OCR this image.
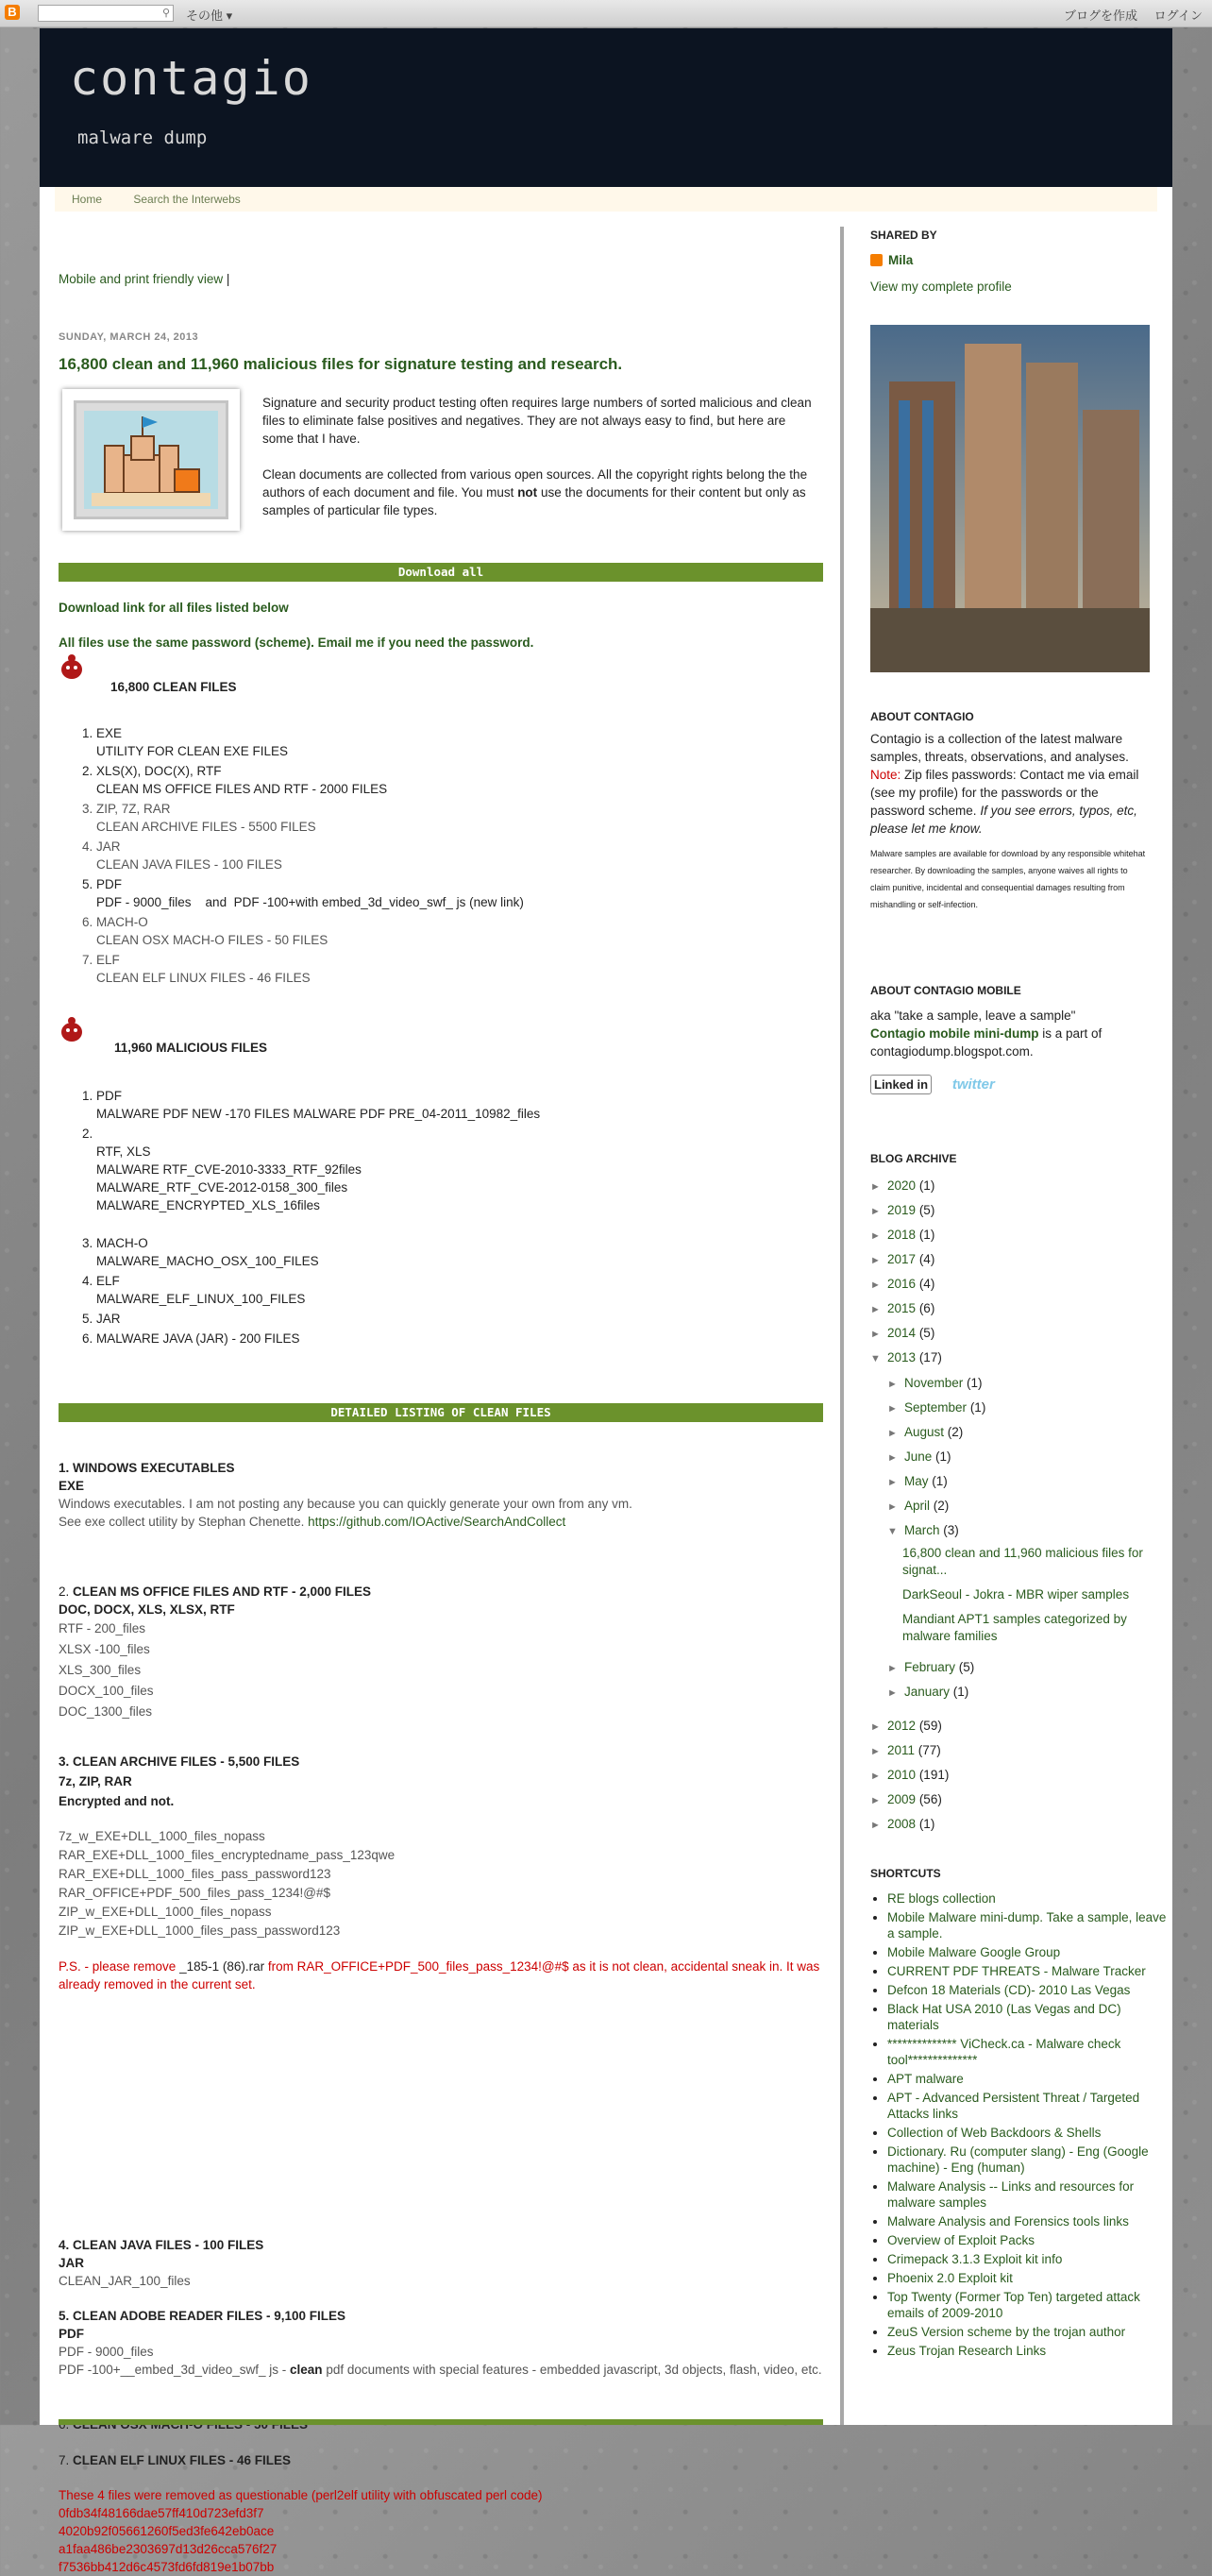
B	⚲ その他 ▾	ブログを作成 ログイン
contagio
malware dump
Home	Search the Interwebs
Mobile and print friendly view |
SUNDAY, MARCH 24, 2013
16,800 clean and 11,960 malicious files for signature testing and research.

Signature and security product testing often requires large numbers of sorted malicious and clean files to eliminate false positives and negatives. They are not always easy to find, but here are some that I have.

Clean documents are collected from various open sources. All the copyright rights belong the the authors of each document and file. You must not use the documents for their content but only as samples of particular file types.

Download all
Download link for all files listed below
All files use the same password (scheme). Email me if you need the password.
16,800 CLEAN FILES
1. EXE
UTILITY FOR CLEAN EXE FILES
2. XLS(X), DOC(X), RTF
CLEAN MS OFFICE FILES AND RTF - 2000 FILES
3. ZIP, 7Z, RAR
CLEAN ARCHIVE FILES - 5500 FILES
4. JAR
CLEAN JAVA FILES - 100 FILES
5. PDF
PDF - 9000_files    and  PDF -100+with embed_3d_video_swf_ js (new link)
6. MACH-O
CLEAN OSX MACH-O FILES - 50 FILES
7. ELF
CLEAN ELF LINUX FILES - 46 FILES
11,960 MALICIOUS FILES
1. PDF
MALWARE PDF NEW -170 FILES MALWARE PDF PRE_04-2011_10982_files

2. RTF, XLS
MALWARE RTF_CVE-2010-3333_RTF_92files
MALWARE_RTF_CVE-2012-0158_300_files
MALWARE_ENCRYPTED_XLS_16files

3. MACH-O
MALWARE_MACHO_OSX_100_FILES
4. ELF
MALWARE_ELF_LINUX_100_FILES
5. JAR
6. MALWARE JAVA (JAR) - 200 FILES
DETAILED LISTING OF CLEAN FILES
1. WINDOWS EXECUTABLES
EXE
Windows executables. I am not posting any because you can quickly generate your own from any vm.
See exe collect utility by Stephan Chenette. https://github.com/IOActive/SearchAndCollect
2. CLEAN MS OFFICE FILES AND RTF - 2,000 FILES
DOC, DOCX, XLS, XLSX, RTF
RTF - 200_files
XLSX -100_files
XLS_300_files
DOCX_100_files
DOC_1300_files
3. CLEAN ARCHIVE FILES - 5,500 FILES
7z, ZIP, RAR
Encrypted and not.
7z_w_EXE+DLL_1000_files_nopass
RAR_EXE+DLL_1000_files_encryptedname_pass_123qwe
RAR_EXE+DLL_1000_files_pass_password123
RAR_OFFICE+PDF_500_files_pass_1234!@#$
ZIP_w_EXE+DLL_1000_files_nopass
ZIP_w_EXE+DLL_1000_files_pass_password123
P.S. - please remove _185-1 (86).rar from RAR_OFFICE+PDF_500_files_pass_1234!@#$ as it is not clean, accidental sneak in. It was already removed in the current set.
4. CLEAN JAVA FILES - 100 FILES
JAR
CLEAN_JAR_100_files
5. CLEAN ADOBE READER FILES - 9,100 FILES
PDF
PDF - 9000_files
PDF -100+__embed_3d_video_swf_ js - clean pdf documents with special features - embedded javascript, 3d objects, flash, video, etc.
7. CLEAN ELF LINUX FILES - 46 FILES
These 4 files were removed as questionable (perl2elf utility with obfuscated perl code)
0fdb34f48166dae57ff410d723efd3f7
4020b92f05661260f5ed3fe642eb0ace
a1faa486be2303697d13d26cca576f27
f7536bb412d6c4573fd6fd819e1b07bb
SHARED BY
Mila
View my complete profile
ABOUT CONTAGIO
Contagio is a collection of the latest malware samples, threats, observations, and analyses.
Note: Zip files passwords: Contact me via email (see my profile) for the passwords or the password scheme. If you see errors, typos, etc, please let me know.
Malware samples are available for download by any responsible whitehat researcher. By downloading the samples, anyone waives all rights to claim punitive, incidental and consequential damages resulting from mishandling or self-infection.
ABOUT CONTAGIO MOBILE
aka "take a sample, leave a sample"
Contagio mobile mini-dump is a part of contagiodump.blogspot.com.
Linked in twitter
BLOG ARCHIVE
► 2020 (1)
► 2019 (5)
► 2018 (1)
► 2017 (4)
► 2016 (4)
► 2015 (6)
► 2014 (5)
▼ 2013 (17)
► November (1)
► September (1)
► August (2)
► June (1)
► May (1)
► April (2)
▼ March (3)
16,800 clean and 11,960 malicious files for signat...
DarkSeoul - Jokra - MBR wiper samples
Mandiant APT1 samples categorized by malware families
► February (5)
► January (1)
► 2012 (59)
► 2011 (77)
► 2010 (191)
► 2009 (56)
► 2008 (1)
SHORTCUTS
• RE blogs collection
• Mobile Malware mini-dump. Take a sample, leave a sample.
• Mobile Malware Google Group
• CURRENT PDF THREATS - Malware Tracker
• Defcon 18 Materials (CD)- 2010 Las Vegas
• Black Hat USA 2010 (Las Vegas and DC) materials
• ************** ViCheck.ca - Malware check tool**************
• APT malware
• APT - Advanced Persistent Threat / Targeted Attacks links
• Collection of Web Backdoors & Shells
• Dictionary. Ru (computer slang) - Eng (Google machine) - Eng (human)
• Malware Analysis -- Links and resources for malware samples
• Malware Analysis and Forensics tools links
• Overview of Exploit Packs
• Crimepack 3.1.3 Exploit kit info
• Phoenix 2.0 Exploit kit
• Top Twenty (Former Top Ten) targeted attack emails of 2009-2010
• ZeuS Version scheme by the trojan author
• Zeus Trojan Research Links
